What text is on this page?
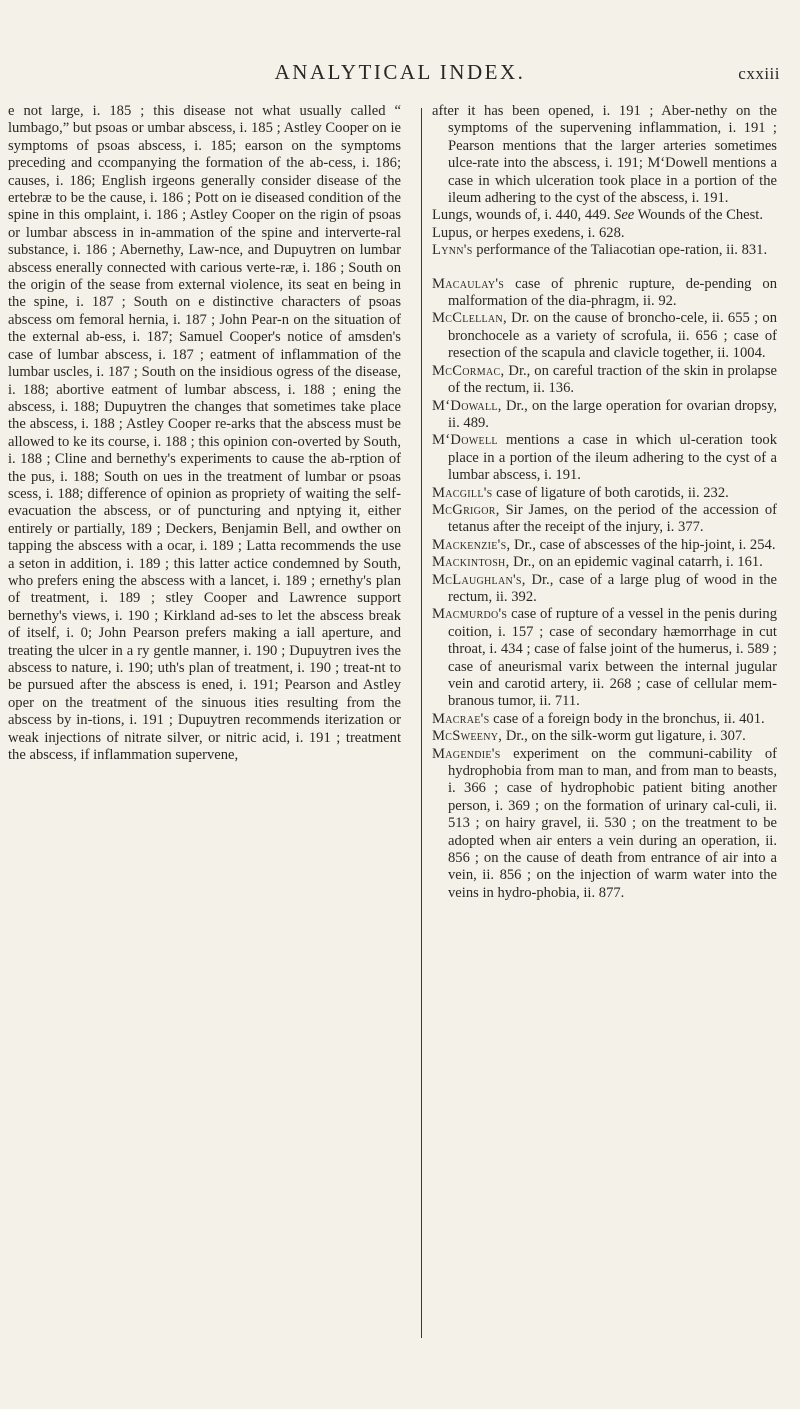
ANALYTICAL INDEX.	cxxiii

e not large, i. 185 ; this disease not what usually called “ lumbago,” but psoas or umbar abscess, i. 185 ; Astley Cooper on ie symptoms of psoas abscess, i. 185; earson on the symptoms preceding and ccompanying the formation of the ab-cess, i. 186; causes, i. 186; English irgeons generally consider disease of the ertebræ to be the cause, i. 186 ; Pott on ie diseased condition of the spine in this omplaint, i. 186 ; Astley Cooper on the rigin of psoas or lumbar abscess in in-ammation of the spine and interverte-ral substance, i. 186 ; Abernethy, Law-nce, and Dupuytren on lumbar abscess enerally connected with carious verte-ræ, i. 186 ; South on the origin of the sease from external violence, its seat en being in the spine, i. 187 ; South on e distinctive characters of psoas abscess om femoral hernia, i. 187 ; John Pear-n on the situation of the external ab-ess, i. 187; Samuel Cooper's notice of amsden's case of lumbar abscess, i. 187 ; eatment of inflammation of the lumbar uscles, i. 187 ; South on the insidious ogress of the disease, i. 188; abortive eatment of lumbar abscess, i. 188 ; ening the abscess, i. 188; Dupuytren the changes that sometimes take place the abscess, i. 188 ; Astley Cooper re-arks that the abscess must be allowed to ke its course, i. 188 ; this opinion con-overted by South, i. 188 ; Cline and bernethy's experiments to cause the ab-rption of the pus, i. 188; South on ues in the treatment of lumbar or psoas scess, i. 188; difference of opinion as propriety of waiting the self-evacuation the abscess, or of puncturing and nptying it, either entirely or partially, 189 ; Deckers, Benjamin Bell, and owther on tapping the abscess with a ocar, i. 189 ; Latta recommends the use a seton in addition, i. 189 ; this latter actice condemned by South, who prefers ening the abscess with a lancet, i. 189 ; ernethy's plan of treatment, i. 189 ; stley Cooper and Lawrence support bernethy's views, i. 190 ; Kirkland ad-ses to let the abscess break of itself, i. 0; John Pearson prefers making a iall aperture, and treating the ulcer in a ry gentle manner, i. 190 ; Dupuytren ives the abscess to nature, i. 190; uth's plan of treatment, i. 190 ; treat-nt to be pursued after the abscess is ened, i. 191; Pearson and Astley oper on the treatment of the sinuous ities resulting from the abscess by in-tions, i. 191 ; Dupuytren recommends iterization or weak injections of nitrate silver, or nitric acid, i. 191 ; treatment the abscess, if inflammation supervene,

after it has been opened, i. 191 ; Aber-nethy on the symptoms of the supervening inflammation, i. 191 ; Pearson mentions that the larger arteries sometimes ulce-rate into the abscess, i. 191; M‘Dowell mentions a case in which ulceration took place in a portion of the ileum adhering to the cyst of the abscess, i. 191.

Lungs, wounds of, i. 440, 449. See Wounds of the Chest.

Lupus, or herpes exedens, i. 628.

Lynn's performance of the Taliacotian ope-ration, ii. 831.

Macaulay's case of phrenic rupture, de-pending on malformation of the dia-phragm, ii. 92.

McClellan, Dr. on the cause of broncho-cele, ii. 655 ; on bronchocele as a variety of scrofula, ii. 656 ; case of resection of the scapula and clavicle together, ii. 1004.

McCormac, Dr., on careful traction of the skin in prolapse of the rectum, ii. 136.

M‘Dowall, Dr., on the large operation for ovarian dropsy, ii. 489.

M‘Dowell mentions a case in which ul-ceration took place in a portion of the ileum adhering to the cyst of a lumbar abscess, i. 191.

Macgill's case of ligature of both carotids, ii. 232.

McGrigor, Sir James, on the period of the accession of tetanus after the receipt of the injury, i. 377.

Mackenzie's, Dr., case of abscesses of the hip-joint, i. 254.

Mackintosh, Dr., on an epidemic vaginal catarrh, i. 161.

McLaughlan's, Dr., case of a large plug of wood in the rectum, ii. 392.

Macmurdo's case of rupture of a vessel in the penis during coition, i. 157 ; case of secondary hæmorrhage in cut throat, i. 434 ; case of false joint of the humerus, i. 589 ; case of aneurismal varix between the internal jugular vein and carotid artery, ii. 268 ; case of cellular mem-branous tumor, ii. 711.

Macrae's case of a foreign body in the bronchus, ii. 401.

McSweeny, Dr., on the silk-worm gut ligature, i. 307.

Magendie's experiment on the communi-cability of hydrophobia from man to man, and from man to beasts, i. 366 ; case of hydrophobic patient biting another person, i. 369 ; on the formation of urinary cal-culi, ii. 513 ; on hairy gravel, ii. 530 ; on the treatment to be adopted when air enters a vein during an operation, ii. 856 ; on the cause of death from entrance of air into a vein, ii. 856 ; on the injection of warm water into the veins in hydro-phobia, ii. 877.
